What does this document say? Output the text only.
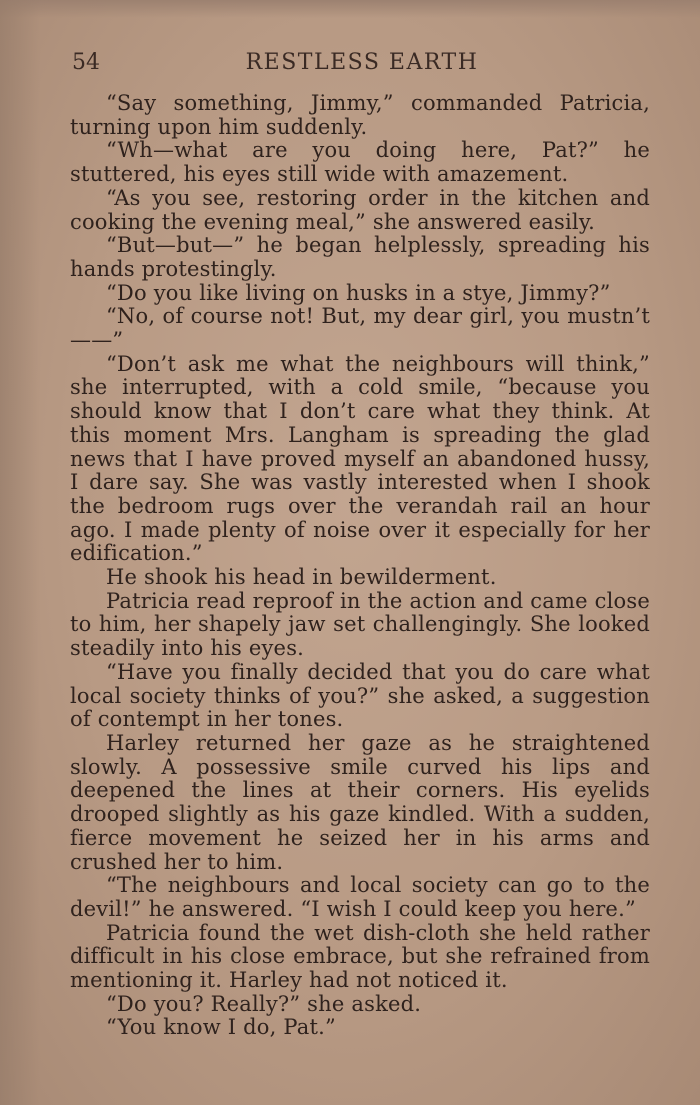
54	RESTLESS EARTH

“Say something, Jimmy,” commanded Patricia, turning upon him suddenly.

“Wh—what are you doing here, Pat?” he stuttered, his eyes still wide with amazement.

“As you see, restoring order in the kitchen and cooking the evening meal,” she answered easily.

“But—but—” he began helplessly, spreading his hands protestingly.

“Do you like living on husks in a stye, Jimmy?”

“No, of course not! But, my dear girl, you mustn’t——”

“Don’t ask me what the neighbours will think,” she interrupted, with a cold smile, “because you should know that I don’t care what they think. At this moment Mrs. Langham is spreading the glad news that I have proved myself an abandoned hussy, I dare say. She was vastly interested when I shook the bedroom rugs over the verandah rail an hour ago. I made plenty of noise over it especially for her edification.”

He shook his head in bewilderment.

Patricia read reproof in the action and came close to him, her shapely jaw set challengingly. She looked steadily into his eyes.

“Have you finally decided that you do care what local society thinks of you?” she asked, a suggestion of contempt in her tones.

Harley returned her gaze as he straightened slowly. A possessive smile curved his lips and deepened the lines at their corners. His eyelids drooped slightly as his gaze kindled. With a sudden, fierce movement he seized her in his arms and crushed her to him.

“The neighbours and local society can go to the devil!” he answered. “I wish I could keep you here.”

Patricia found the wet dish-cloth she held rather difficult in his close embrace, but she refrained from mentioning it. Harley had not noticed it.

“Do you? Really?” she asked.

“You know I do, Pat.”
